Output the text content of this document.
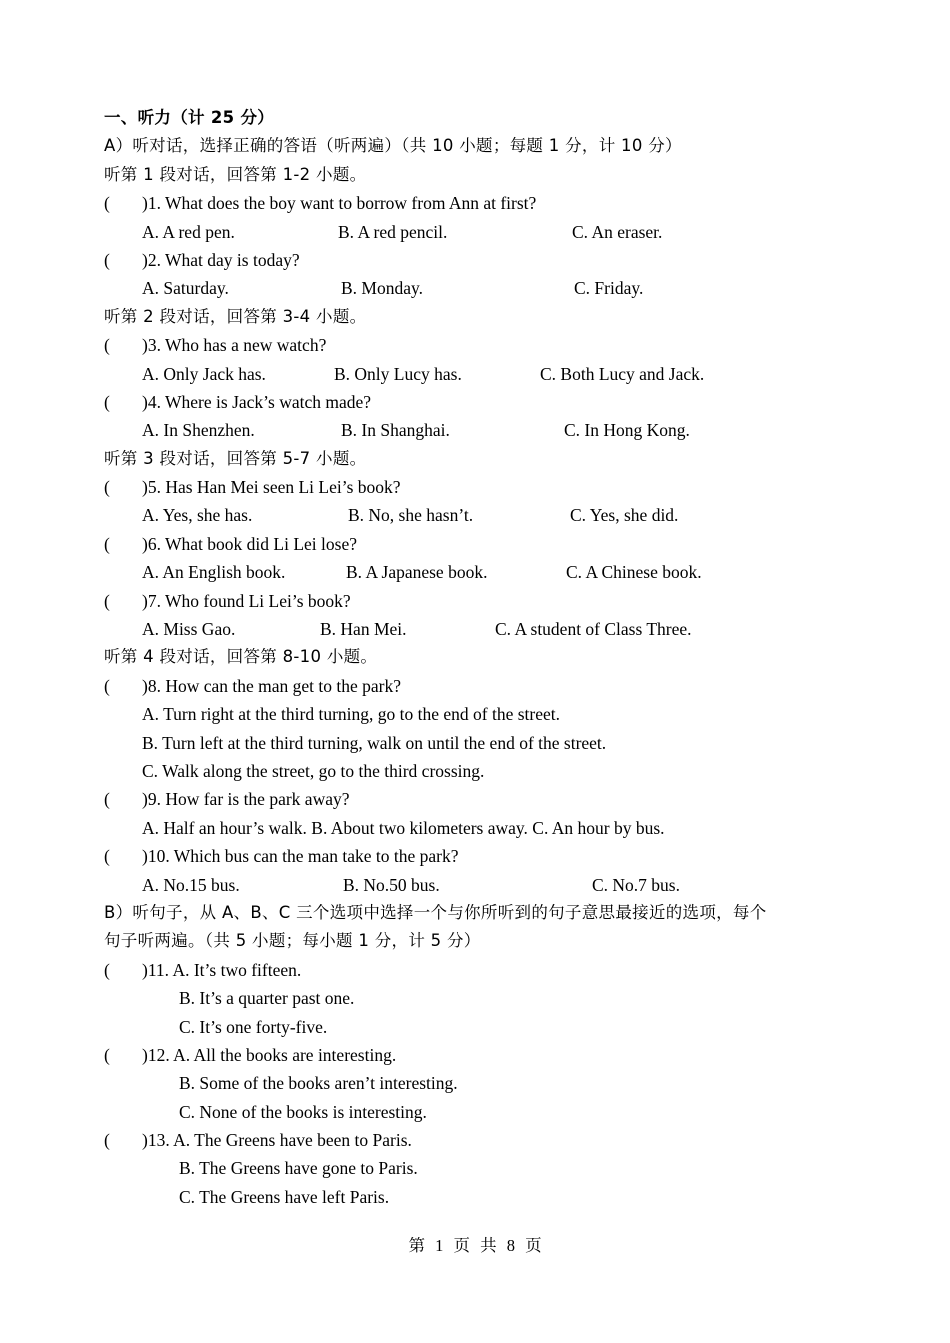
一、听力（计 25 分）
A）听对话，选择正确的答语（听两遍）（共 10 小题；每题 1 分，计 10 分）
听第 1 段对话，回答第 1-2 小题。
(	)1. What does the boy want to borrow from Ann at first?
A. A red pen.	B. A red pencil.	C. An eraser.
(	)2. What day is today?
A. Saturday.	B. Monday.	C. Friday.
听第 2 段对话，回答第 3-4 小题。
(	)3. Who has a new watch?
A. Only Jack has.	B. Only Lucy has.	C. Both Lucy and Jack.
(	)4. Where is Jack’s watch made?
A. In Shenzhen.	B. In Shanghai.	C. In Hong Kong.
听第 3 段对话，回答第 5-7 小题。
(	)5. Has Han Mei seen Li Lei’s book?
A. Yes, she has.	B. No, she hasn’t.	C. Yes, she did.
(	)6. What book did Li Lei lose?
A. An English book.	B. A Japanese book.	C. A Chinese book.
(	)7. Who found Li Lei’s book?
A. Miss Gao.	B. Han Mei.	C. A student of Class Three.
听第 4 段对话，回答第 8-10 小题。
(	)8. How can the man get to the park?
A. Turn right at the third turning, go to the end of the street.
B. Turn left at the third turning, walk on until the end of the street.
C. Walk along the street, go to the third crossing.
(	)9. How far is the park away?
A. Half an hour’s walk. B. About two kilometers away. C. An hour by bus.
(	)10. Which bus can the man take to the park?
A. No.15 bus.	B. No.50 bus.	C. No.7 bus.
B）听句子，从 A、B、C 三个选项中选择一个与你所听到的句子意思最接近的选项，每个
句子听两遍。（共 5 小题；每小题 1 分，计 5 分）
(	)11. A. It’s two fifteen.
B. It’s a quarter past one.
C. It’s one forty-five.
(	)12. A. All the books are interesting.
B. Some of the books aren’t interesting.
C. None of the books is interesting.
(	)13. A. The Greens have been to Paris.
B. The Greens have gone to Paris.
C. The Greens have left Paris.
第 1 页 共 8 页
